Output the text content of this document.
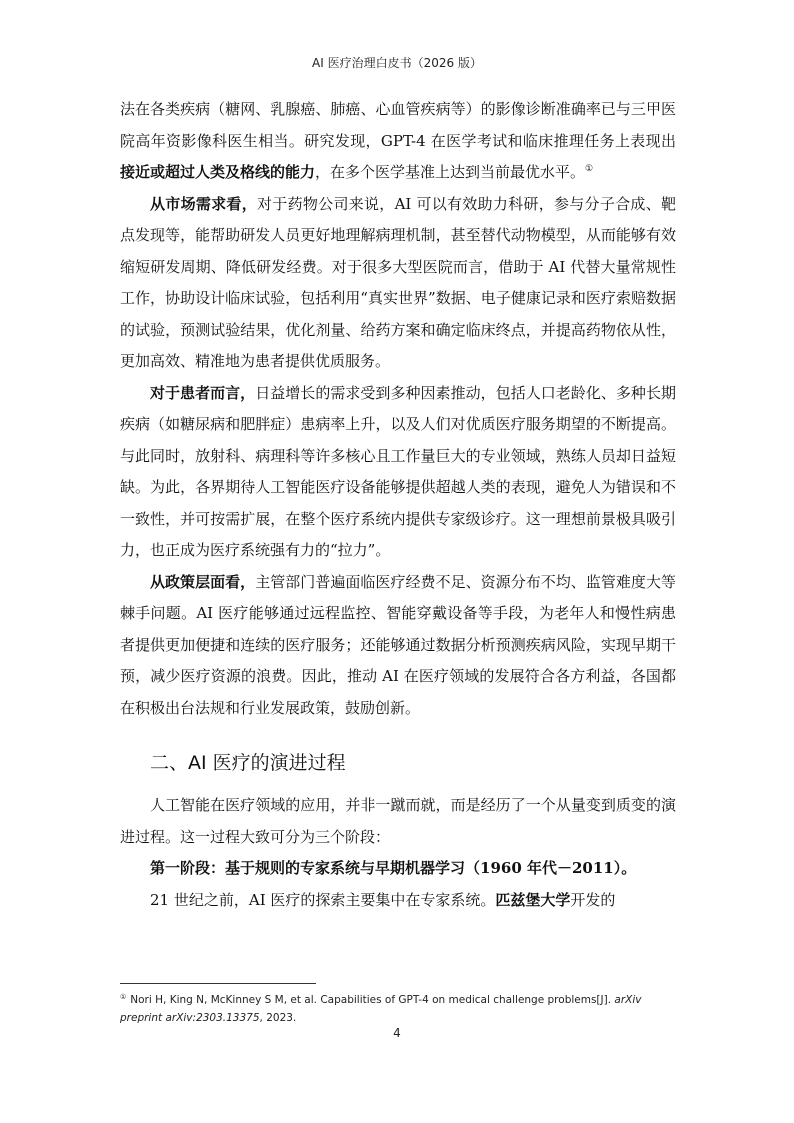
AI 医疗治理白皮书（2026 版）

法在各类疾病（糖网、乳腺癌、肺癌、心血管疾病等）的影像诊断准确率已与三甲医院高年资影像科医生相当。研究发现，GPT-4 在医学考试和临床推理任务上表现出接近或超过人类及格线的能力，在多个医学基准上达到当前最优水平。①

从市场需求看，对于药物公司来说，AI 可以有效助力科研，参与分子合成、靶点发现等，能帮助研发人员更好地理解病理机制，甚至替代动物模型，从而能够有效缩短研发周期、降低研发经费。对于很多大型医院而言，借助于 AI 代替大量常规性工作，协助设计临床试验，包括利用“真实世界”数据、电子健康记录和医疗索赔数据的试验，预测试验结果，优化剂量、给药方案和确定临床终点，并提高药物依从性，更加高效、精准地为患者提供优质服务。

对于患者而言，日益增长的需求受到多种因素推动，包括人口老龄化、多种长期疾病（如糖尿病和肥胖症）患病率上升，以及人们对优质医疗服务期望的不断提高。与此同时，放射科、病理科等许多核心且工作量巨大的专业领域，熟练人员却日益短缺。为此，各界期待人工智能医疗设备能够提供超越人类的表现，避免人为错误和不一致性，并可按需扩展，在整个医疗系统内提供专家级诊疗。这一理想前景极具吸引力，也正成为医疗系统强有力的“拉力”。

从政策层面看，主管部门普遍面临医疗经费不足、资源分布不均、监管难度大等棘手问题。AI 医疗能够通过远程监控、智能穿戴设备等手段，为老年人和慢性病患者提供更加便捷和连续的医疗服务；还能够通过数据分析预测疾病风险，实现早期干预，减少医疗资源的浪费。因此，推动 AI 在医疗领域的发展符合各方利益，各国都在积极出台法规和行业发展政策，鼓励创新。

二、AI 医疗的演进过程

人工智能在医疗领域的应用，并非一蹴而就，而是经历了一个从量变到质变的演进过程。这一过程大致可分为三个阶段：

第一阶段：基于规则的专家系统与早期机器学习（1960 年代－2011）。

21 世纪之前，AI 医疗的探索主要集中在专家系统。匹兹堡大学开发的

① Nori H, King N, McKinney S M, et al. Capabilities of GPT-4 on medical challenge problems[J]. arXiv preprint arXiv:2303.13375, 2023.
4
